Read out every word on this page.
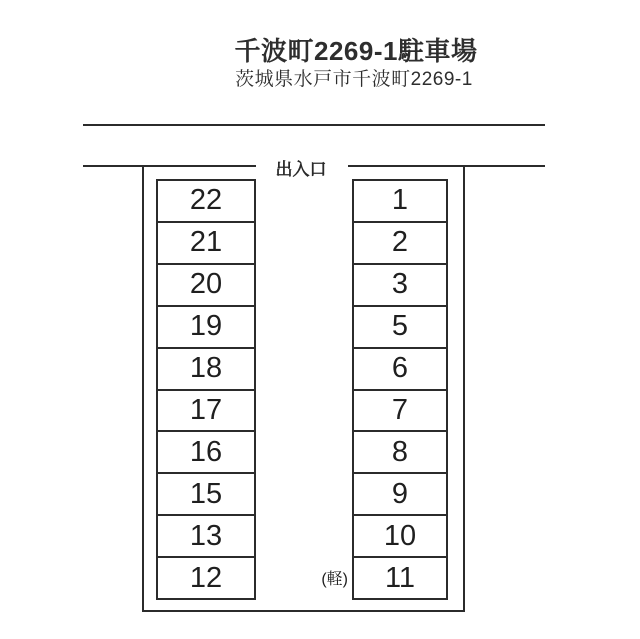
千波町2269-1駐車場
茨城県水戸市千波町2269-1
出入口
22
21
20
19
18
17
16
15
13
12
1
2
3
5
6
7
8
9
10
11
(軽)
